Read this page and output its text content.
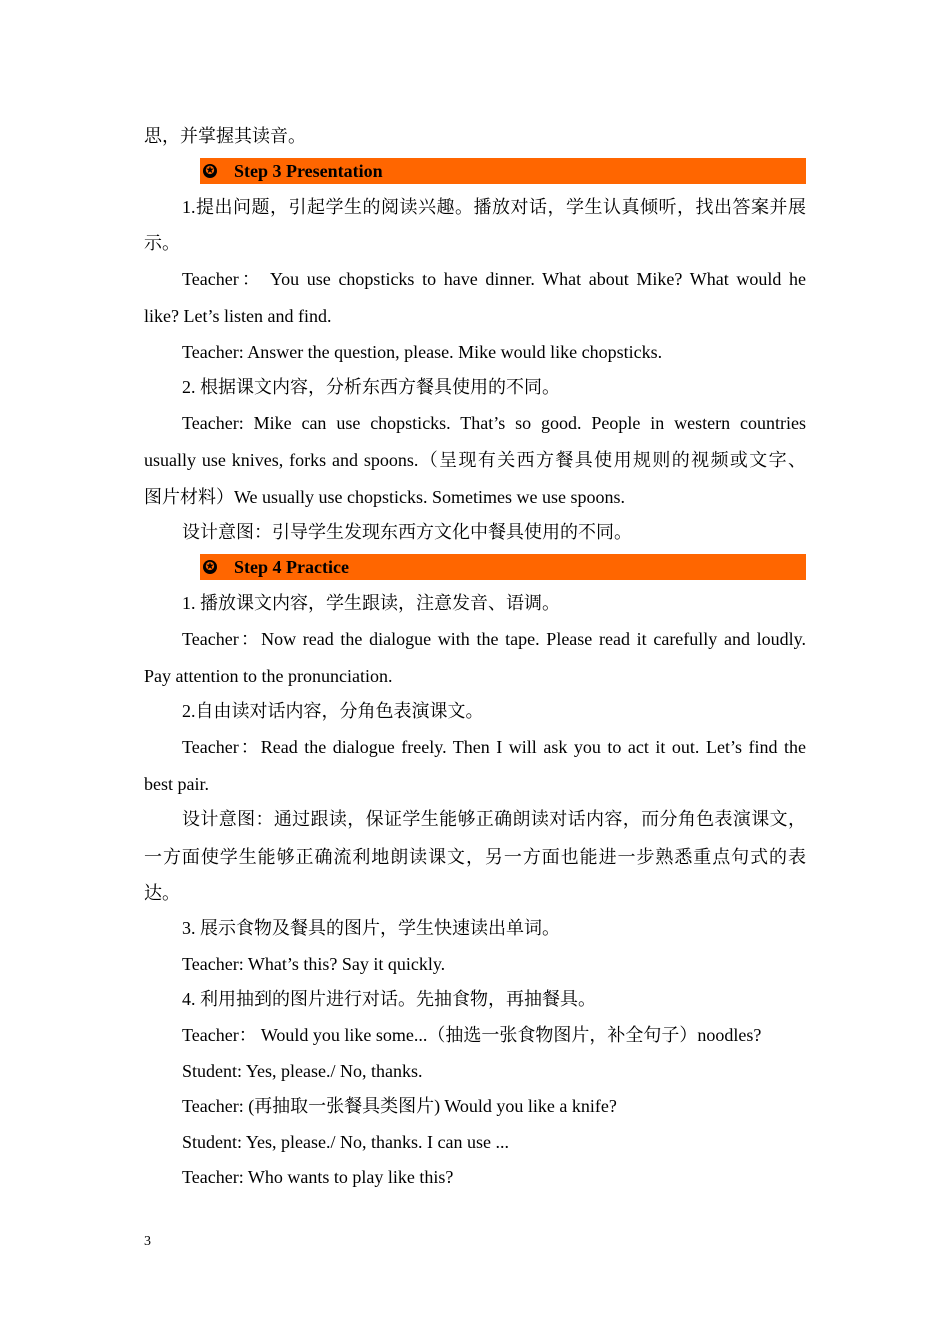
思，并掌握其读音。
✪ Step 3 Presentation
1.提出问题，引起学生的阅读兴趣。播放对话，学生认真倾听，找出答案并展
示。
Teacher： You use chopsticks to have dinner. What about Mike? What would he
like? Let’s listen and find.
Teacher: Answer the question, please. Mike would like chopsticks.
2. 根据课文内容，分析东西方餐具使用的不同。
Teacher: Mike can use chopsticks. That’s so good. People in western countries
usually use knives, forks and spoons.（呈现有关西方餐具使用规则的视频或文字、
图片材料）We usually use chopsticks. Sometimes we use spoons.
设计意图：引导学生发现东西方文化中餐具使用的不同。
✪ Step 4 Practice
1. 播放课文内容，学生跟读，注意发音、语调。
Teacher：Now read the dialogue with the tape. Please read it carefully and loudly.
Pay attention to the pronunciation.
2.自由读对话内容，分角色表演课文。
Teacher：Read the dialogue freely. Then I will ask you to act it out. Let’s find the
best pair.
设计意图：通过跟读，保证学生能够正确朗读对话内容，而分角色表演课文，
一方面使学生能够正确流利地朗读课文，另一方面也能进一步熟悉重点句式的表
达。
3. 展示食物及餐具的图片，学生快速读出单词。
Teacher: What’s this? Say it quickly.
4. 利用抽到的图片进行对话。先抽食物，再抽餐具。
Teacher： Would you like some...（抽选一张食物图片，补全句子）noodles?
Student: Yes, please./ No, thanks.
Teacher: (再抽取一张餐具类图片) Would you like a knife?
Student: Yes, please./ No, thanks. I can use ...
Teacher: Who wants to play like this?
3
